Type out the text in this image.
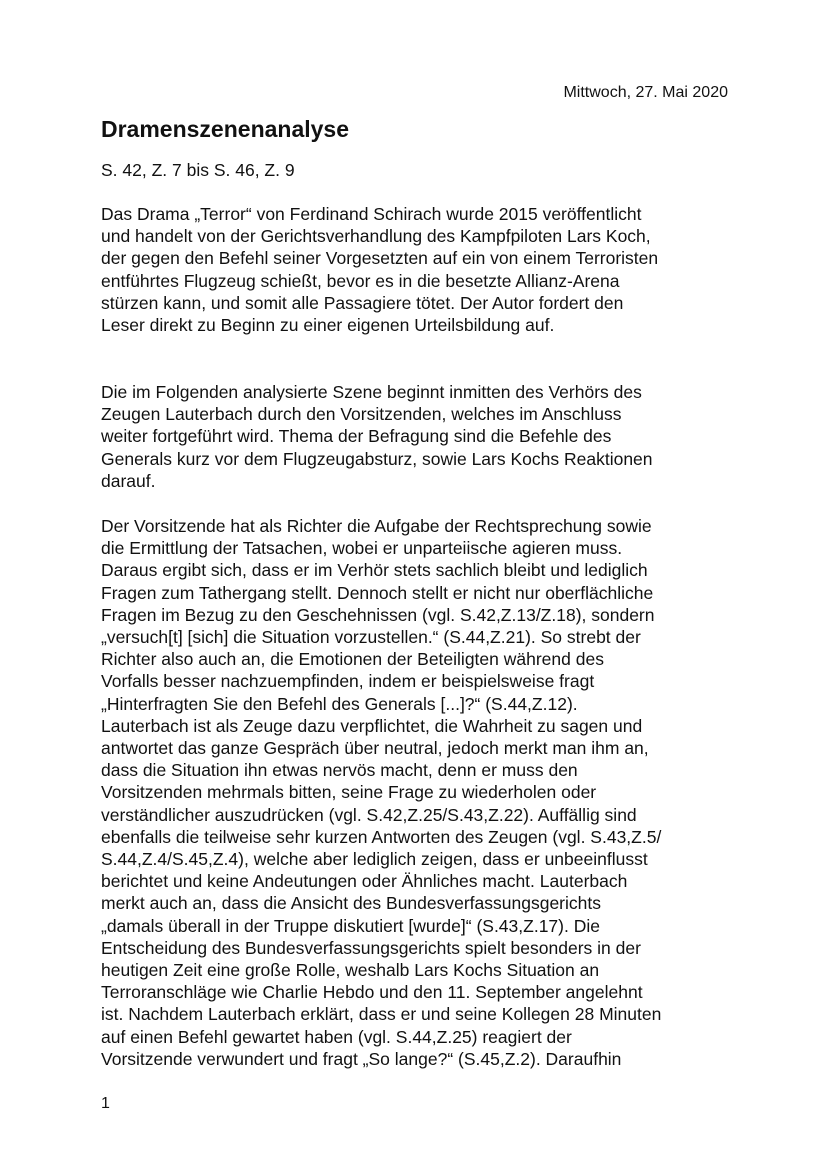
Mittwoch, 27. Mai 2020
Dramenszenenanalyse
S. 42, Z. 7 bis S. 46, Z. 9

Das Drama „Terror“ von Ferdinand Schirach wurde 2015 veröffentlicht
und handelt von der Gerichtsverhandlung des Kampfpiloten Lars Koch,
der gegen den Befehl seiner Vorgesetzten auf ein von einem Terroristen
entführtes Flugzeug schießt, bevor es in die besetzte Allianz-Arena
stürzen kann, und somit alle Passagiere tötet. Der Autor fordert den
Leser direkt zu Beginn zu einer eigenen Urteilsbildung auf.

Die im Folgenden analysierte Szene beginnt inmitten des Verhörs des
Zeugen Lauterbach durch den Vorsitzenden, welches im Anschluss
weiter fortgeführt wird. Thema der Befragung sind die Befehle des
Generals kurz vor dem Flugzeugabsturz, sowie Lars Kochs Reaktionen
darauf.

Der Vorsitzende hat als Richter die Aufgabe der Rechtsprechung sowie
die Ermittlung der Tatsachen, wobei er unparteiische agieren muss.
Daraus ergibt sich, dass er im Verhör stets sachlich bleibt und lediglich
Fragen zum Tathergang stellt. Dennoch stellt er nicht nur oberflächliche
Fragen im Bezug zu den Geschehnissen (vgl. S.42,Z.13/Z.18), sondern
„versuch[t] [sich] die Situation vorzustellen.“ (S.44,Z.21). So strebt der
Richter also auch an, die Emotionen der Beteiligten während des
Vorfalls besser nachzuempfinden, indem er beispielsweise fragt
„Hinterfragten Sie den Befehl des Generals [...]?“ (S.44,Z.12).
Lauterbach ist als Zeuge dazu verpflichtet, die Wahrheit zu sagen und
antwortet das ganze Gespräch über neutral, jedoch merkt man ihm an,
dass die Situation ihn etwas nervös macht, denn er muss den
Vorsitzenden mehrmals bitten, seine Frage zu wiederholen oder
verständlicher auszudrücken (vgl. S.42,Z.25/S.43,Z.22). Auffällig sind
ebenfalls die teilweise sehr kurzen Antworten des Zeugen (vgl. S.43,Z.5/
S.44,Z.4/S.45,Z.4), welche aber lediglich zeigen, dass er unbeeinflusst
berichtet und keine Andeutungen oder Ähnliches macht. Lauterbach
merkt auch an, dass die Ansicht des Bundesverfassungsgerichts
„damals überall in der Truppe diskutiert [wurde]“ (S.43,Z.17). Die
Entscheidung des Bundesverfassungsgerichts spielt besonders in der
heutigen Zeit eine große Rolle, weshalb Lars Kochs Situation an
Terroranschläge wie Charlie Hebdo und den 11. September angelehnt
ist. Nachdem Lauterbach erklärt, dass er und seine Kollegen 28 Minuten
auf einen Befehl gewartet haben (vgl. S.44,Z.25) reagiert der
Vorsitzende verwundert und fragt „So lange?“ (S.45,Z.2). Daraufhin

1
